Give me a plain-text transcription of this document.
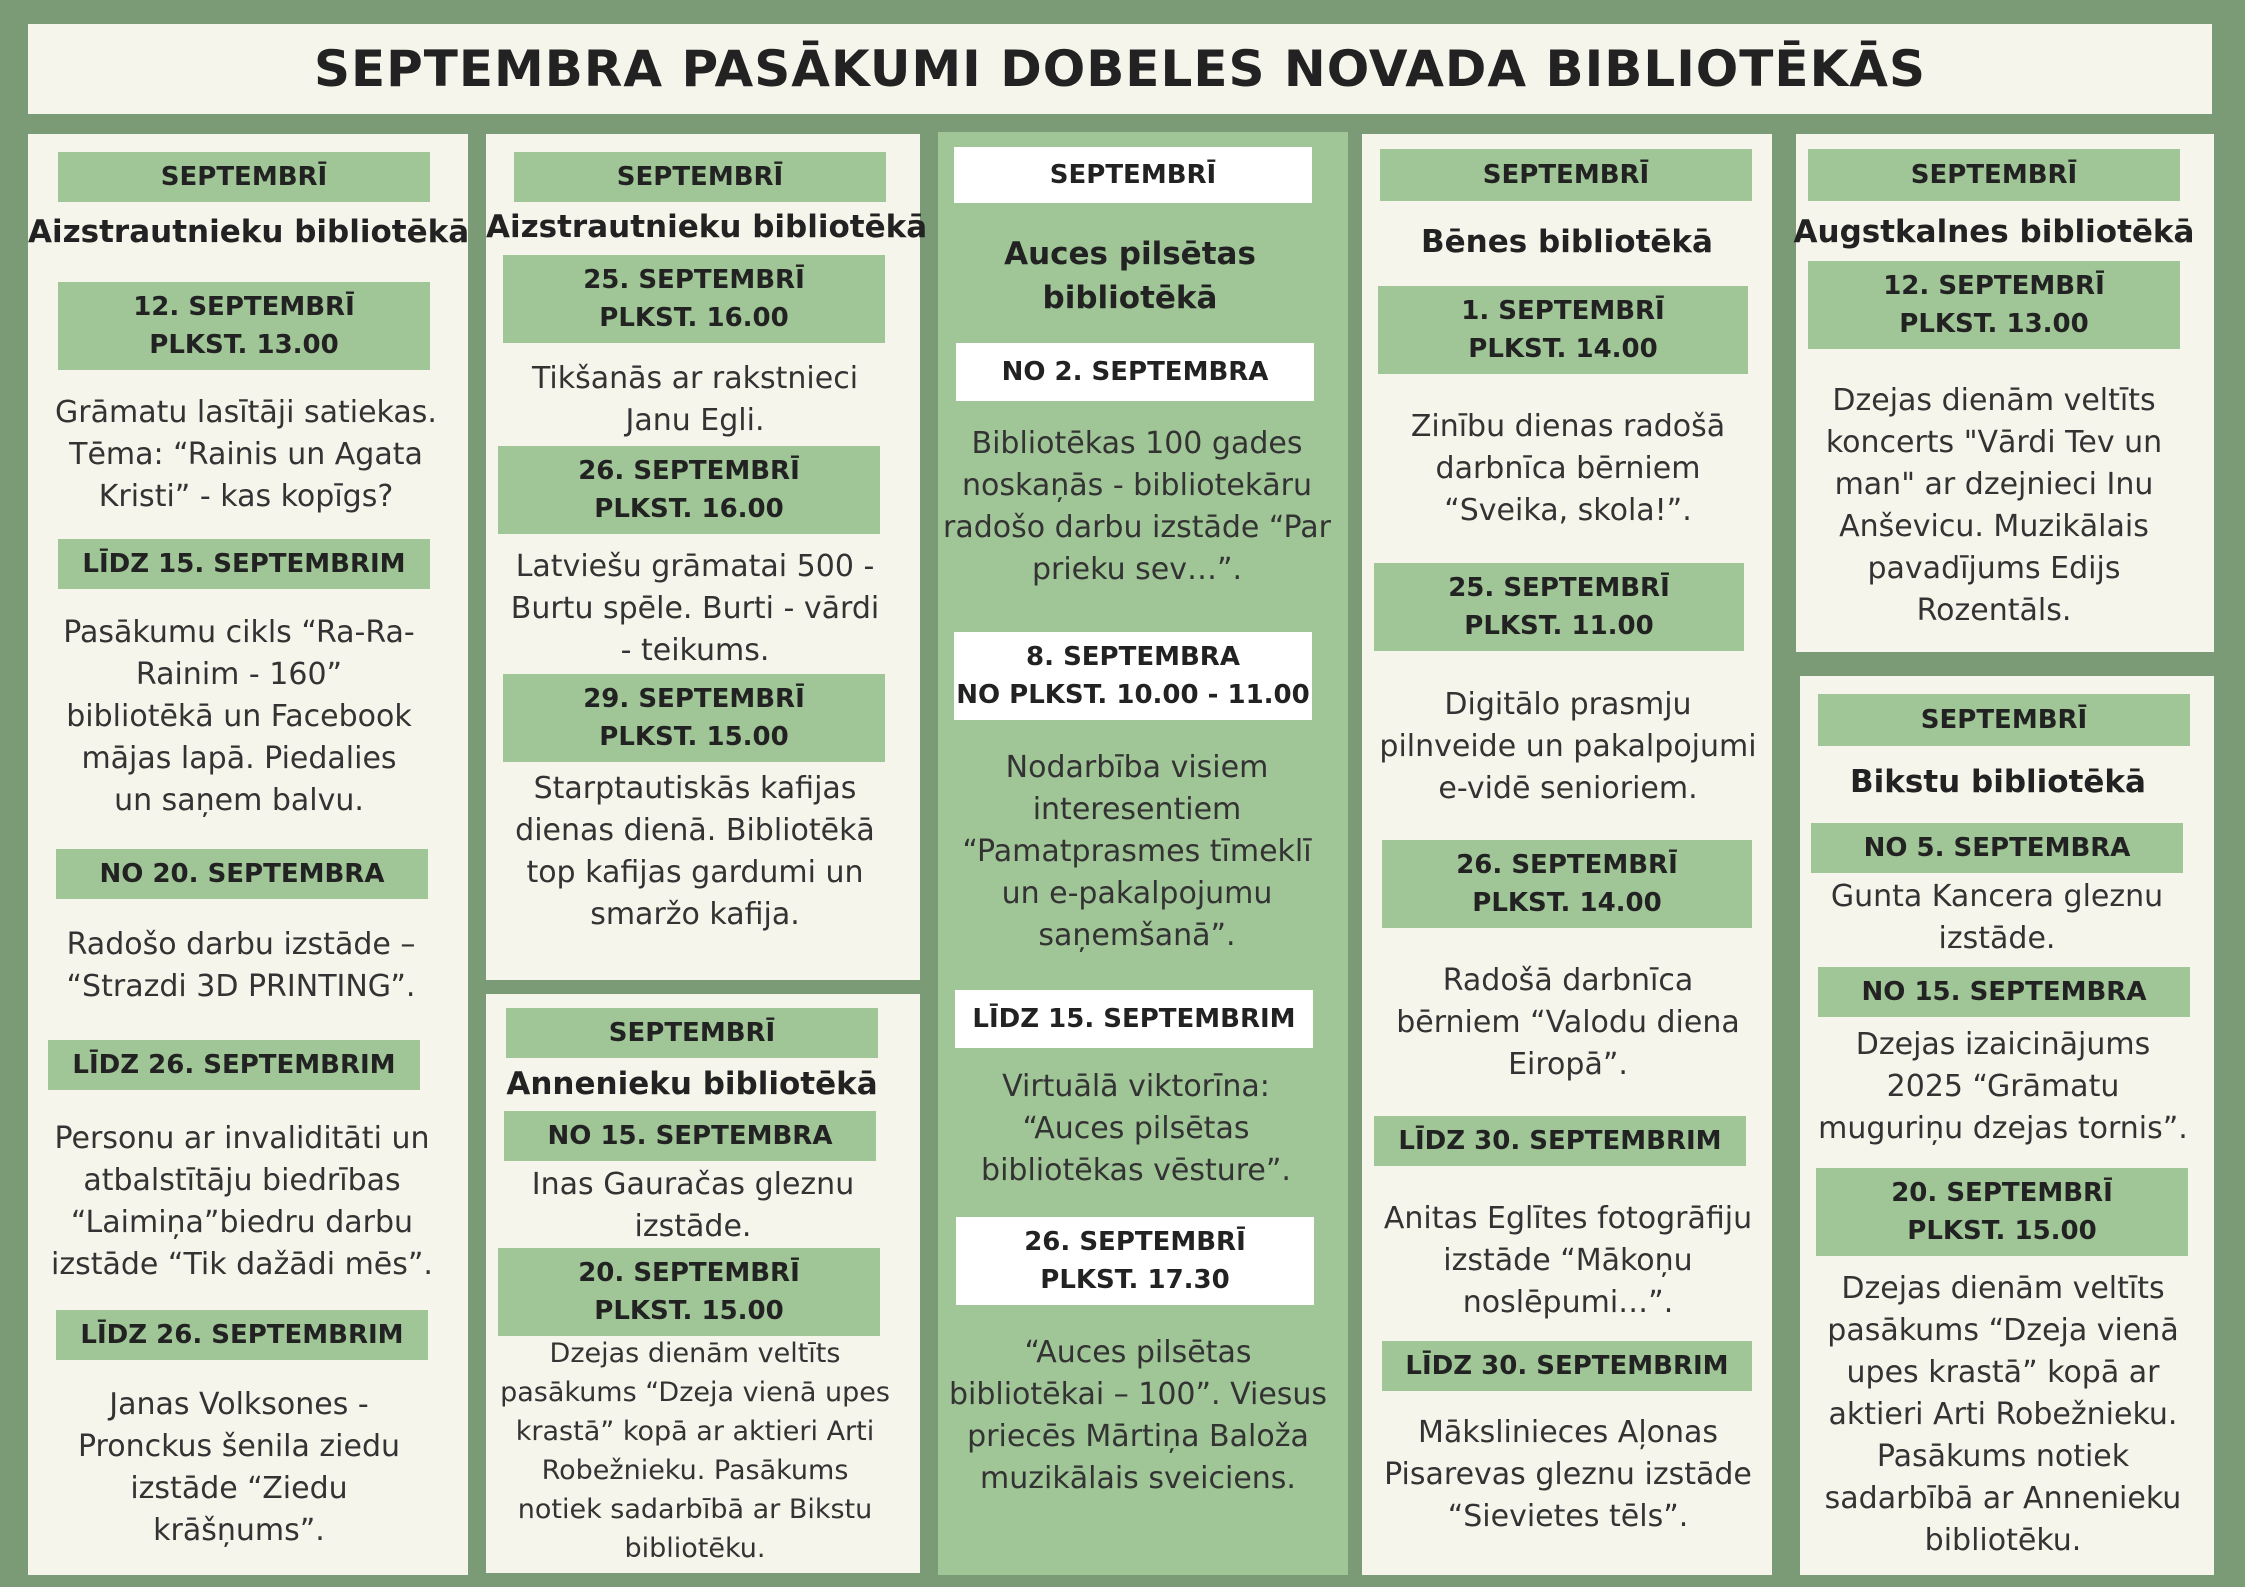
SEPTEMBRA PASĀKUMI DOBELES NOVADA BIBLIOTĒKĀS
SEPTEMBRĪ
Aizstrautnieku bibliotēkā
12. SEPTEMBRĪ
PLKST. 13.00
Grāmatu lasītāji satiekas. Tēma: “Rainis un Agata Kristi” - kas kopīgs?
LĪDZ 15. SEPTEMBRIM
Pasākumu cikls “Ra-Ra-Rainim - 160” bibliotēkā un Facebook mājas lapā. Piedalies un saņem balvu.
NO 20. SEPTEMBRA
Radošo darbu izstāde – “Strazdi 3D PRINTING”.
LĪDZ 26. SEPTEMBRIM
Personu ar invaliditāti un atbalstītāju biedrības “Laimiņa”biedru darbu izstāde “Tik dažādi mēs”.
LĪDZ 26. SEPTEMBRIM
Janas Volksones - Pronckus šenila ziedu izstāde “Ziedu krāšņums”.
SEPTEMBRĪ
Aizstrautnieku bibliotēkā
25. SEPTEMBRĪ
PLKST. 16.00
Tikšanās ar rakstnieci Janu Egli.
26. SEPTEMBRĪ
PLKST. 16.00
Latviešu grāmatai 500 - Burtu spēle. Burti - vārdi - teikums.
29. SEPTEMBRĪ
PLKST. 15.00
Starptautiskās kafijas dienas dienā. Bibliotēkā top kafijas gardumi un smaržo kafija.
SEPTEMBRĪ
Annenieku bibliotēkā
NO 15. SEPTEMBRA
Inas Gauračas gleznu izstāde.
20. SEPTEMBRĪ
PLKST. 15.00
Dzejas dienām veltīts pasākums “Dzeja vienā upes krastā” kopā ar aktieri Arti Robežnieku. Pasākums notiek sadarbībā ar Bikstu bibliotēku.
SEPTEMBRĪ
Auces pilsētas bibliotēkā
NO 2. SEPTEMBRA
Bibliotēkas 100 gades noskaņās - bibliotekāru radošo darbu izstāde “Par prieku sev…”.
8. SEPTEMBRA
NO PLKST. 10.00 - 11.00
Nodarbība visiem interesentiem “Pamatprasmes tīmeklī un e-pakalpojumu saņemšanā”.
LĪDZ 15. SEPTEMBRIM
Virtuālā viktorīna: “Auces pilsētas bibliotēkas vēsture”.
26. SEPTEMBRĪ
PLKST. 17.30
“Auces pilsētas bibliotēkai – 100”. Viesus priecēs Mārtiņa Baloža muzikālais sveiciens.
SEPTEMBRĪ
Bēnes bibliotēkā
1. SEPTEMBRĪ
PLKST. 14.00
Zinību dienas radošā darbnīca bērniem “Sveika, skola!”.
25. SEPTEMBRĪ
PLKST. 11.00
Digitālo prasmju pilnveide un pakalpojumi e-vidē senioriem.
26. SEPTEMBRĪ
PLKST. 14.00
Radošā darbnīca bērniem “Valodu diena Eiropā”.
LĪDZ 30. SEPTEMBRIM
Anitas Eglītes fotogrāfiju izstāde “Mākoņu noslēpumi…”.
LĪDZ 30. SEPTEMBRIM
Mākslinieces Aļonas Pisarevas gleznu izstāde “Sievietes tēls”.
SEPTEMBRĪ
Augstkalnes bibliotēkā
12. SEPTEMBRĪ
PLKST. 13.00
Dzejas dienām veltīts koncerts "Vārdi Tev un man" ar dzejnieci Inu Anševicu. Muzikālais pavadījums Edijs Rozentāls.
SEPTEMBRĪ
Bikstu bibliotēkā
NO 5. SEPTEMBRA
Gunta Kancera gleznu izstāde.
NO 15. SEPTEMBRA
Dzejas izaicinājums 2025 “Grāmatu muguriņu dzejas tornis”.
20. SEPTEMBRĪ
PLKST. 15.00
Dzejas dienām veltīts pasākums “Dzeja vienā upes krastā” kopā ar aktieri Arti Robežnieku. Pasākums notiek sadarbībā ar Annenieku bibliotēku.
